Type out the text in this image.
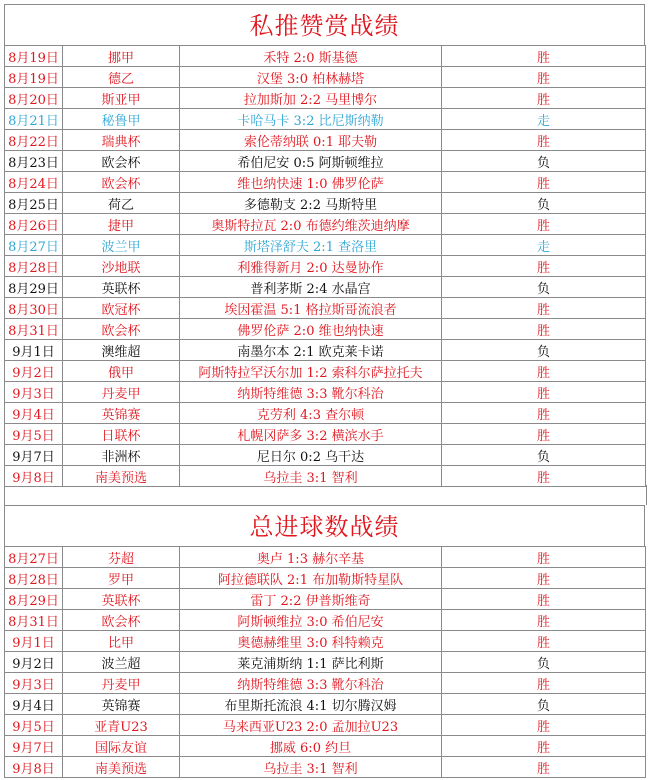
私推赞赏战绩
8月19日	挪甲	禾特 2:0 斯基德	胜
8月19日	德乙	汉堡 3:0 柏林赫塔	胜
8月20日	斯亚甲	拉加斯加 2:2 马里博尔	胜
8月21日	秘鲁甲	卡哈马卡 3:2 比尼斯纳勒	走
8月22日	瑞典杯	索伦蒂纳联 0:1 耶夫勒	胜
8月23日	欧会杯	希伯尼安 0:5 阿斯顿维拉	负
8月24日	欧会杯	维也纳快速 1:0 佛罗伦萨	胜
8月25日	荷乙	多德勒支 2:2 马斯特里	负
8月26日	捷甲	奥斯特拉瓦 2:0 布德约维茨迪纳摩	胜
8月27日	波兰甲	斯塔泽舒夫 2:1 查洛里	走
8月28日	沙地联	利雅得新月 2:0 达曼协作	胜
8月29日	英联杯	普利茅斯 2:4 水晶宫	负
8月30日	欧冠杯	埃因霍温 5:1 格拉斯哥流浪者	胜
8月31日	欧会杯	佛罗伦萨 2:0 维也纳快速	胜
9月1日	澳维超	南墨尔本 2:1 欧克莱卡诺	负
9月2日	俄甲	阿斯特拉罕沃尔加 1:2 索科尔萨拉托夫	胜
9月3日	丹麦甲	纳斯特维德 3:3 靴尔科治	胜
9月4日	英锦赛	克劳利 4:3 查尔顿	胜
9月5日	日联杯	札幌冈萨多 3:2 横滨水手	胜
9月7日	非洲杯	尼日尔 0:2 乌干达	负
9月8日	南美预选	乌拉圭 3:1 智利	胜
总进球数战绩
8月27日	芬超	奥卢 1:3 赫尔辛基	胜
8月28日	罗甲	阿拉德联队 2:1 布加勒斯特星队	胜
8月29日	英联杯	雷丁 2:2 伊普斯维奇	胜
8月31日	欧会杯	阿斯顿维拉 3:0 希伯尼安	胜
9月1日	比甲	奥德赫维里 3:0 科特赖克	胜
9月2日	波兰超	莱克浦斯纳 1:1 萨比利斯	负
9月3日	丹麦甲	纳斯特维德 3:3 靴尔科治	胜
9月4日	英锦赛	布里斯托流浪 4:1 切尔腾汉姆	负
9月5日	亚青U23	马来西亚U23 2:0 孟加拉U23	胜
9月7日	国际友谊	挪威 6:0 约旦	胜
9月8日	南美预选	乌拉圭 3:1 智利	胜
